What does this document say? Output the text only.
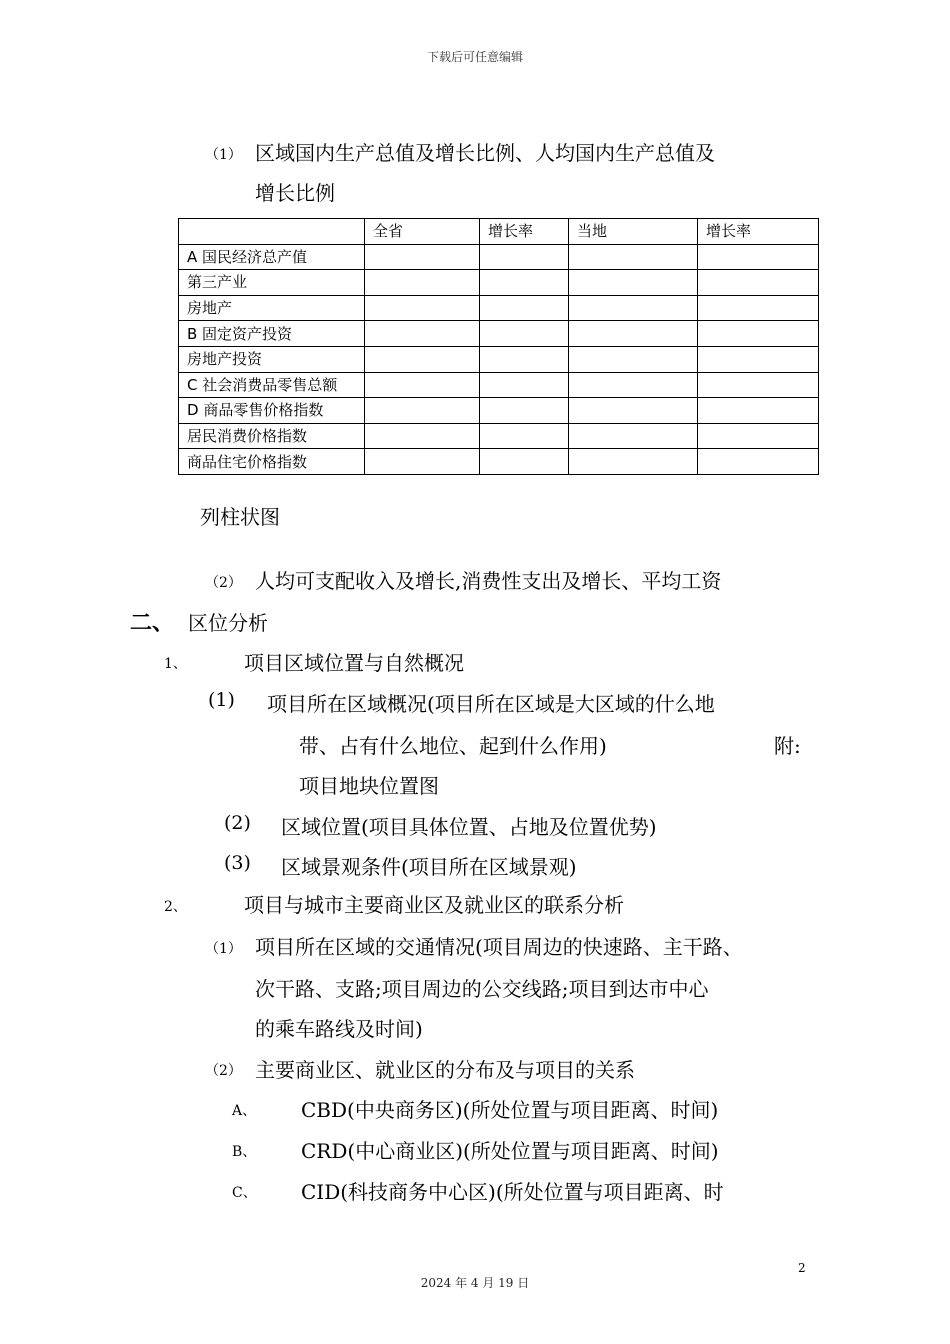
下载后可任意编辑
（1） 区域国内生产总值及增长比例、人均国内生产总值及
增长比例
	全省	增长率	当地	增长率
A 国民经济总产值				
第三产业				
房地产				
B 固定资产投资				
房地产投资				
C 社会消费品零售总额				
D 商品零售价格指数				
居民消费价格指数				
商品住宅价格指数				
列柱状图
（2） 人均可支配收入及增长,消费性支出及增长、平均工资
二、 区位分析
1、	项目区域位置与自然概况
(1) 项目所在区域概况(项目所在区域是大区域的什么地
带、占有什么地位、起到什么作用)	附:
项目地块位置图
(2) 区域位置(项目具体位置、占地及位置优势)
(3) 区域景观条件(项目所在区域景观)
2、	项目与城市主要商业区及就业区的联系分析
（1） 项目所在区域的交通情况(项目周边的快速路、主干路、
次干路、支路;项目周边的公交线路;项目到达市中心
的乘车路线及时间)
（2） 主要商业区、就业区的分布及与项目的关系
A、 CBD(中央商务区)(所处位置与项目距离、时间)
B、 CRD(中心商业区)(所处位置与项目距离、时间)
C、 CID(科技商务中心区)(所处位置与项目距离、时
2
2024 年 4 月 19 日
